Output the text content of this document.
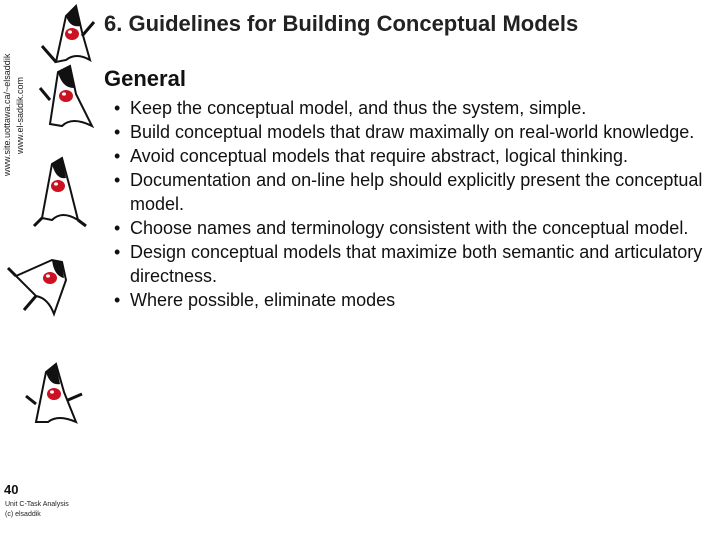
www.site.uottawa.ca/~elsaddik www.el-saddik.com
6. Guidelines for Building Conceptual Models
General
• Keep the conceptual model, and thus the system, simple.
• Build conceptual models that draw maximally on real-world knowledge.
• Avoid conceptual models that require abstract, logical thinking.
• Documentation and on-line help should explicitly present the conceptual model.
• Choose names and terminology consistent with the conceptual model.
• Design conceptual models that maximize both semantic and articulatory directness.
• Where possible, eliminate modes
40
Unit C-Task Analysis
(c) elsaddik
